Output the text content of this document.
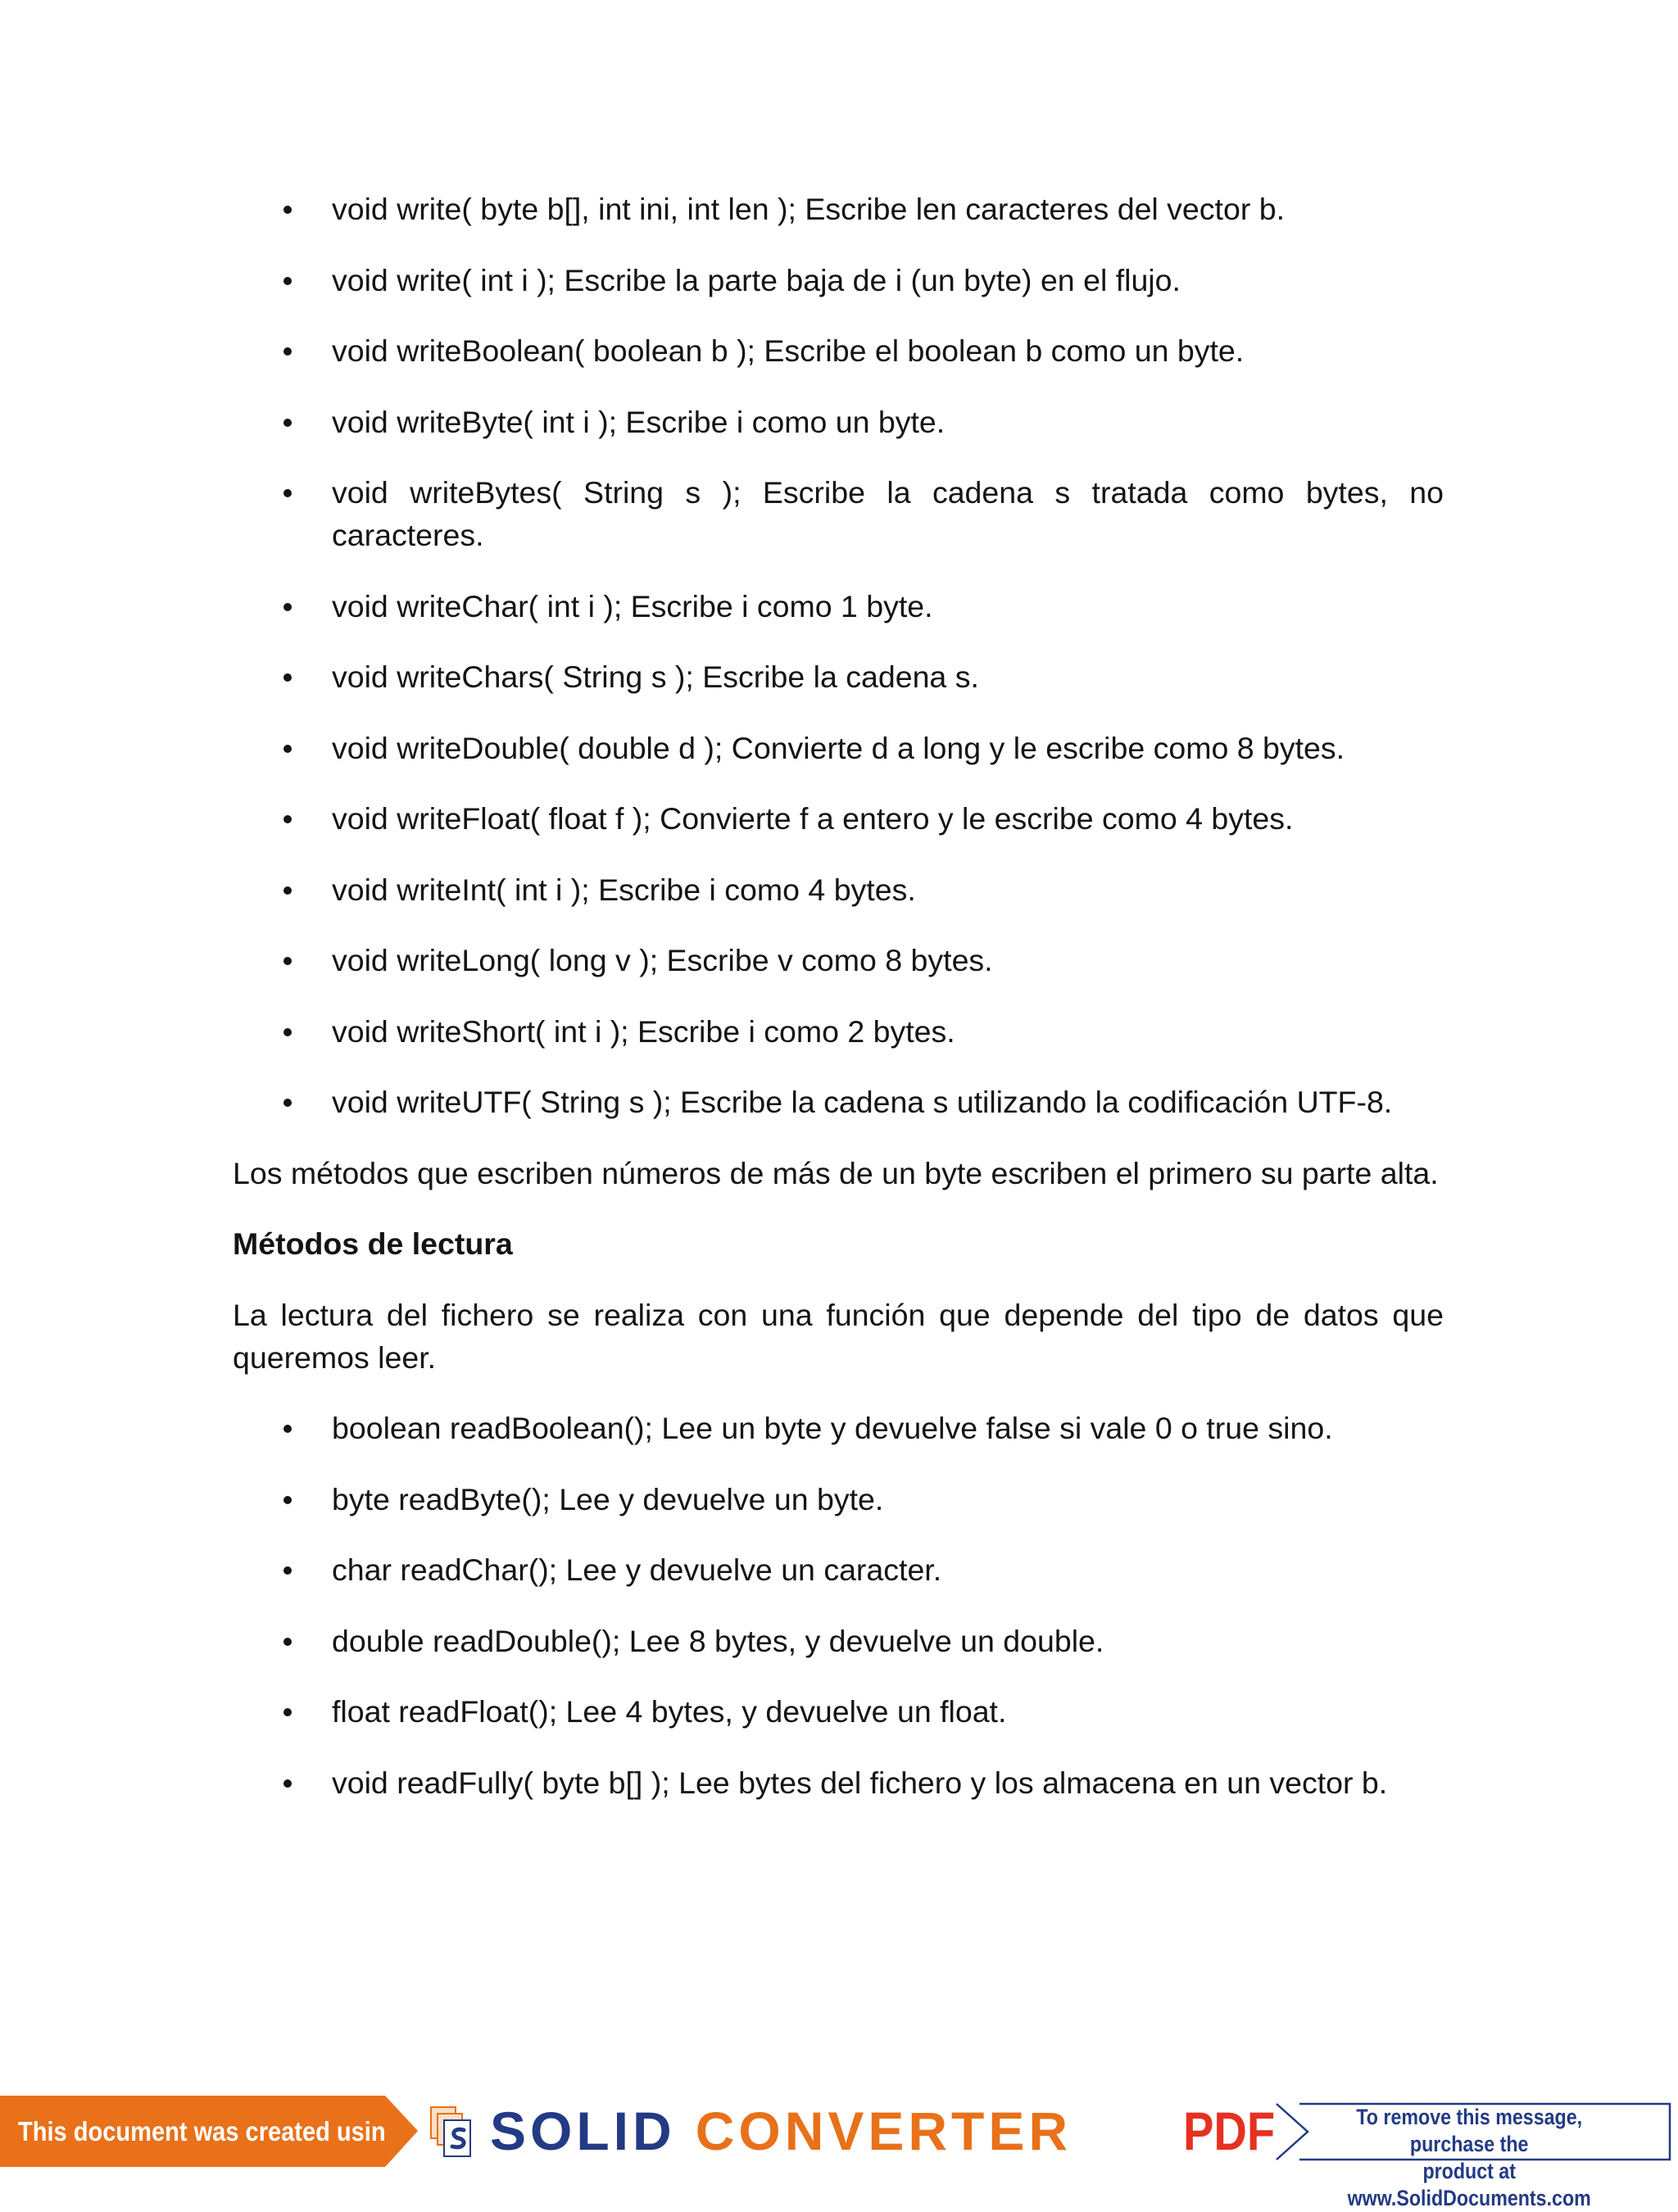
void write( byte b[], int ini, int len ); Escribe len caracteres del vector b.
void write( int i ); Escribe la parte baja de i (un byte) en el flujo.
void writeBoolean( boolean b ); Escribe el boolean b como un byte.
void writeByte( int i ); Escribe i como un byte.
void writeBytes( String s ); Escribe la cadena s tratada como bytes, no caracteres.
void writeChar( int i ); Escribe i como 1 byte.
void writeChars( String s ); Escribe la cadena s.
void writeDouble( double d ); Convierte d a long y le escribe como 8 bytes.
void writeFloat( float f ); Convierte f a entero y le escribe como 4 bytes.
void writeInt( int i ); Escribe i como 4 bytes.
void writeLong( long v ); Escribe v como 8 bytes.
void writeShort( int i ); Escribe i como 2 bytes.
void writeUTF( String s ); Escribe la cadena s utilizando la codificación UTF-8.

Los métodos que escriben números de más de un byte escriben el primero su parte alta.

Métodos de lectura

La lectura del fichero se realiza con una función que depende del tipo de datos que queremos leer.

boolean readBoolean(); Lee un byte y devuelve false si vale 0 o true sino.
byte readByte(); Lee y devuelve un byte.
char readChar(); Lee y devuelve un caracter.
double readDouble(); Lee 8 bytes, y devuelve un double.
float readFloat(); Lee 4 bytes, y devuelve un float.
void readFully( byte b[] ); Lee bytes del fichero y los almacena en un vector b.
This document was created using SOLID CONVERTER PDF	To remove this message, purchase the
product at www.SolidDocuments.com
